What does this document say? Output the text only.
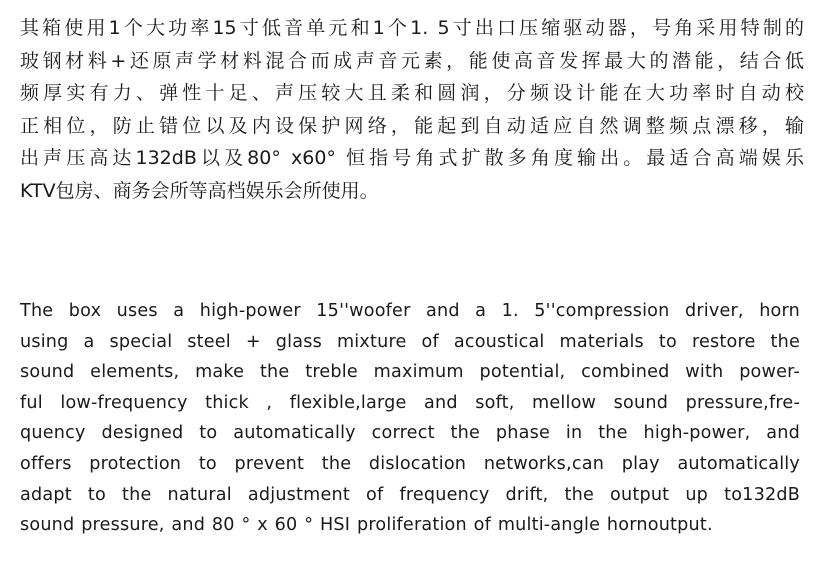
其箱使用1个大功率15寸低音单元和1个1. 5寸出口压缩驱动器，号角采用特制的
玻钢材料+还原声学材料混合而成声音元素，能使高音发挥最大的潜能，结合低
频厚实有力、弹性十足、声压较大且柔和圆润，分频设计能在大功率时自动校
正相位，防止错位以及内设保护网络，能起到自动适应自然调整频点漂移，输
出声压高达132dB以及80° x60° 恒指号角式扩散多角度输出。最适合高端娱乐
KTV包房、商务会所等高档娱乐会所使用。
The box uses a high-power 15''woofer and a 1. 5''compression driver, horn
using a special steel + glass mixture of acoustical materials to restore the
sound elements, make the treble maximum potential, combined with power-
ful low-frequency thick , flexible,large and soft, mellow sound pressure,fre-
quency designed to automatically correct the phase in the high-power, and
offers protection to prevent the dislocation networks,can play automatically
adapt to the natural adjustment of frequency drift, the output up to132dB
sound pressure, and 80 ° x 60 ° HSI proliferation of multi-angle hornoutput.
